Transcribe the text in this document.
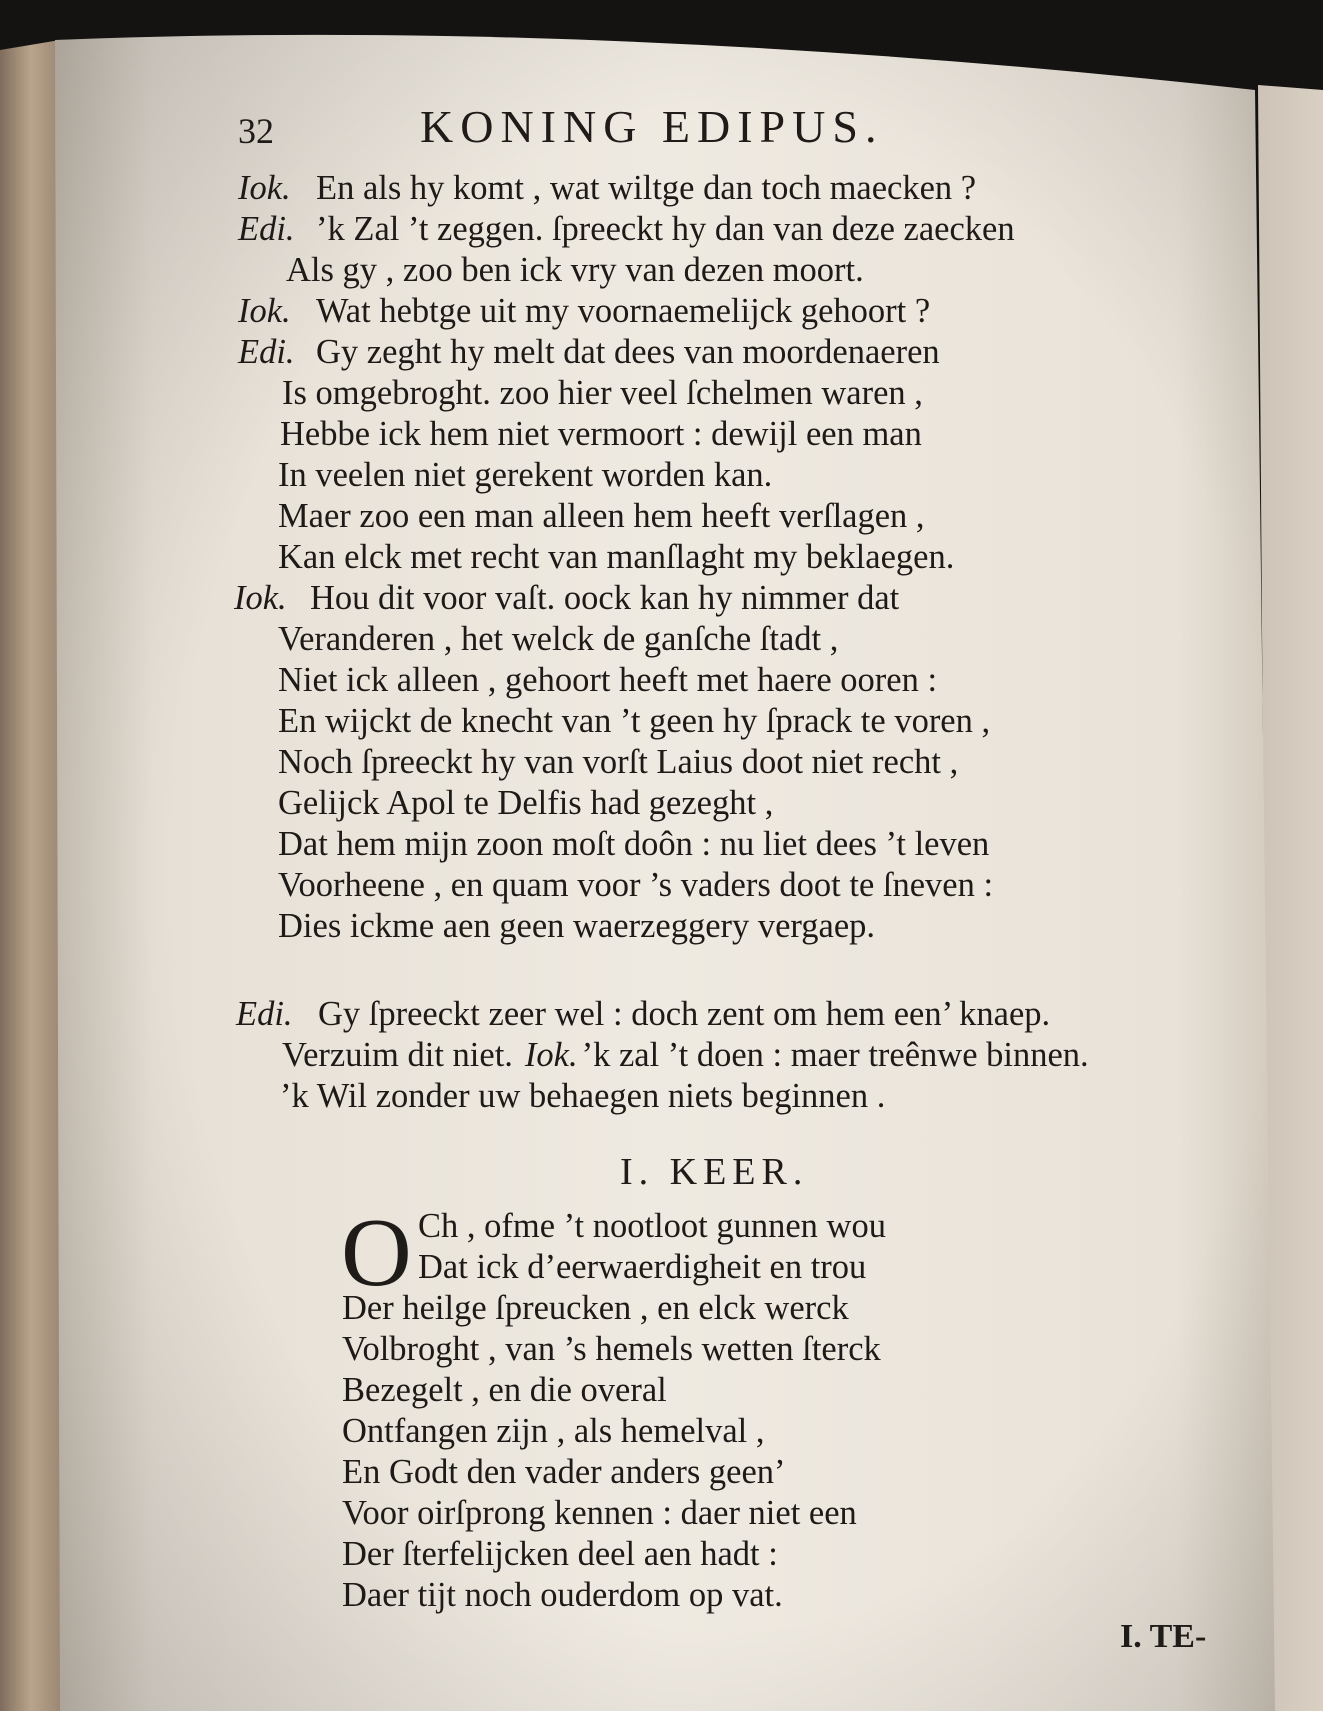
32	KONING EDIPUS.
Iok. En als hy komt , wat wiltge dan toch maecken ?
Edi. ’k Zal ’t zeggen. ſpreeckt hy dan van deze zaecken
Als gy , zoo ben ick vry van dezen moort.
Iok. Wat hebtge uit my voornaemelijck gehoort ?
Edi. Gy zeght hy melt dat dees van moordenaeren
Is omgebroght. zoo hier veel ſchelmen waren ,
Hebbe ick hem niet vermoort : dewijl een man
In veelen niet gerekent worden kan.
Maer zoo een man alleen hem heeft verſlagen ,
Kan elck met recht van manſlaght my beklaegen.
Iok. Hou dit voor vaſt. oock kan hy nimmer dat
Veranderen , het welck de ganſche ſtadt ,
Niet ick alleen , gehoort heeft met haere ooren :
En wijckt de knecht van ’t geen hy ſprack te voren ,
Noch ſpreeckt hy van vorſt Laius doot niet recht ,
Gelijck Apol te Delfis had gezeght ,
Dat hem mijn zoon moſt doôn : nu liet dees ’t leven
Voorheene , en quam voor ’s vaders doot te ſneven :
Dies ickme aen geen waerzeggery vergaep.
Edi. Gy ſpreeckt zeer wel : doch zent om hem een’ knaep.
Verzuim dit niet. Iok. ’k zal ’t doen : maer treênwe binnen.
’k Wil zonder uw behaegen niets beginnen .
I. KEER.
O Ch , ofme ’t nootloot gunnen wou
Dat ick d’eerwaerdigheit en trou
Der heilge ſpreucken , en elck werck
Volbroght , van ’s hemels wetten ſterck
Bezegelt , en die overal
Ontfangen zijn , als hemelval ,
En Godt den vader anders geen’
Voor oirſprong kennen : daer niet een
Der ſterfelijcken deel aen hadt :
Daer tijt noch ouderdom op vat.
I. TE-
